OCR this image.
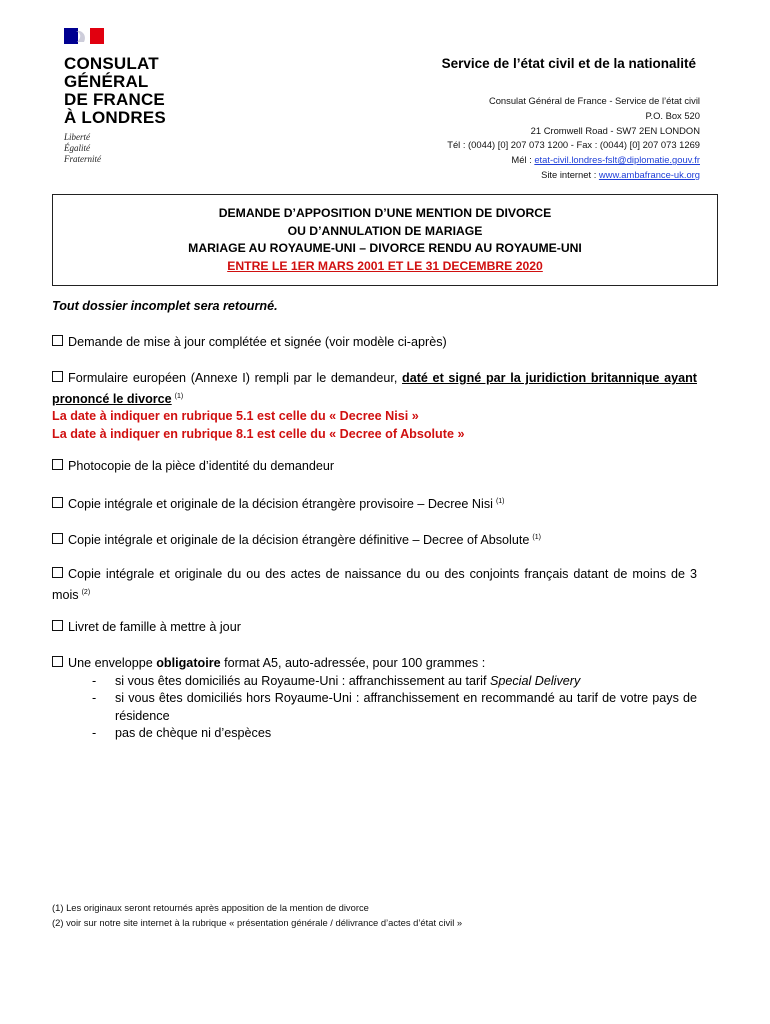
CONSULAT
GÉNÉRAL
DE FRANCE
À LONDRES
Liberté
Égalité
Fraternité
Service de l’état civil et de la nationalité
Consulat Général de France - Service de l’état civil
P.O. Box 520
21 Cromwell Road - SW7 2EN LONDON
Tél : (0044) [0] 207 073 1200 - Fax : (0044) [0] 207 073 1269
Mél : etat-civil.londres-fslt@diplomatie.gouv.fr
Site internet : www.ambafrance-uk.org
DEMANDE D’APPOSITION D’UNE MENTION DE DIVORCE
OU D’ANNULATION DE MARIAGE
MARIAGE AU ROYAUME-UNI – DIVORCE RENDU AU ROYAUME-UNI
ENTRE LE 1ER MARS 2001 ET LE 31 DECEMBRE 2020
Tout dossier incomplet sera retourné.
Demande de mise à jour complétée et signée (voir modèle ci-après)
Formulaire européen (Annexe I) rempli par le demandeur, daté et signé par la juridiction britannique ayant prononcé le divorce $^{(1)}$
La date à indiquer en rubrique 5.1 est celle du « Decree Nisi »
La date à indiquer en rubrique 8.1 est celle du « Decree of Absolute »
Photocopie de la pièce d’identité du demandeur
Copie intégrale et originale de la décision étrangère provisoire – Decree Nisi $^{(1)}$
Copie intégrale et originale de la décision étrangère définitive – Decree of Absolute $^{(1)}$
Copie intégrale et originale du ou des actes de naissance du ou des conjoints français datant de moins de 3 mois $^{(2)}$
Livret de famille à mettre à jour
Une enveloppe obligatoire format A5, auto-adressée, pour 100 grammes :
- si vous êtes domiciliés au Royaume-Uni : affranchissement au tarif Special Delivery
- si vous êtes domiciliés hors Royaume-Uni : affranchissement en recommandé au tarif de votre pays de résidence
- pas de chèque ni d’espèces
(1) Les originaux seront retournés après apposition de la mention de divorce
(2) voir sur notre site internet à la rubrique « présentation générale / délivrance d’actes d’état civil »
